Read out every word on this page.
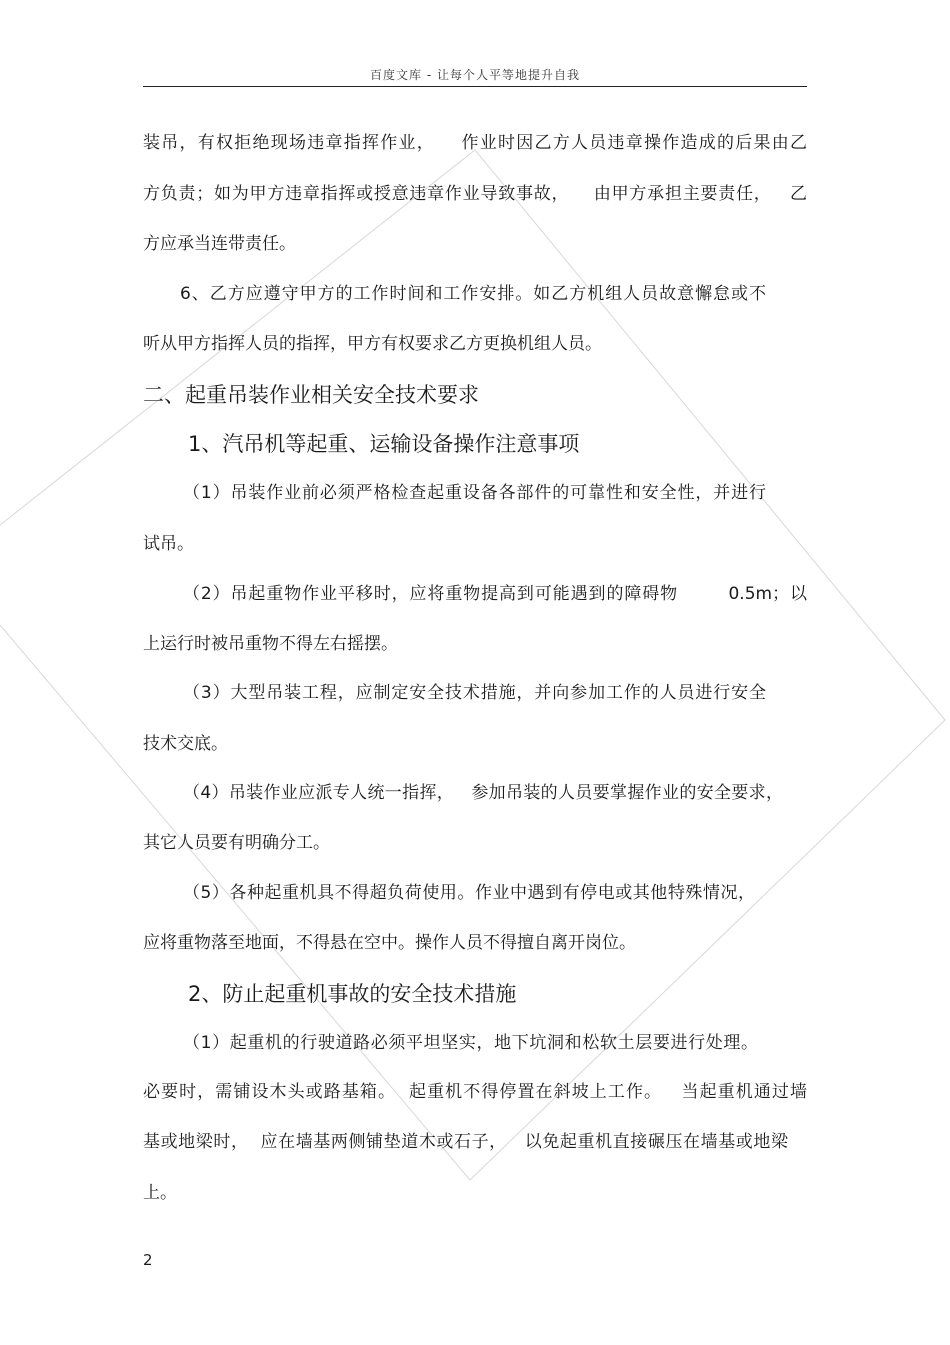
百度文库 - 让每个人平等地提升自我
装吊，有权拒绝现场违章指挥作业，    作业时因乙方人员违章操作造成的后果由乙
方负责；如为甲方违章指挥或授意违章作业导致事故，    由甲方承担主要责任，   乙
方应承当连带责任。
6、乙方应遵守甲方的工作时间和工作安排。如乙方机组人员故意懈怠或不
听从甲方指挥人员的指挥，甲方有权要求乙方更换机组人员。
二、起重吊装作业相关安全技术要求
1、汽吊机等起重、运输设备操作注意事项
（1）吊装作业前必须严格检查起重设备各部件的可靠性和安全性，并进行
试吊。
（2）吊起重物作业平移时，应将重物提高到可能遇到的障碍物        0.5m；以
上运行时被吊重物不得左右摇摆。
（3）大型吊装工程，应制定安全技术措施，并向参加工作的人员进行安全
技术交底。
（4）吊装作业应派专人统一指挥，   参加吊装的人员要掌握作业的安全要求，
其它人员要有明确分工。
（5）各种起重机具不得超负荷使用。作业中遇到有停电或其他特殊情况，
应将重物落至地面，不得悬在空中。操作人员不得擅自离开岗位。
2、防止起重机事故的安全技术措施
（1）起重机的行驶道路必须平坦坚实，地下坑洞和松软土层要进行处理。
必要时，需铺设木头或路基箱。  起重机不得停置在斜坡上工作。   当起重机通过墙
基或地梁时，  应在墙基两侧铺垫道木或石子，   以免起重机直接碾压在墙基或地梁
上。
2
